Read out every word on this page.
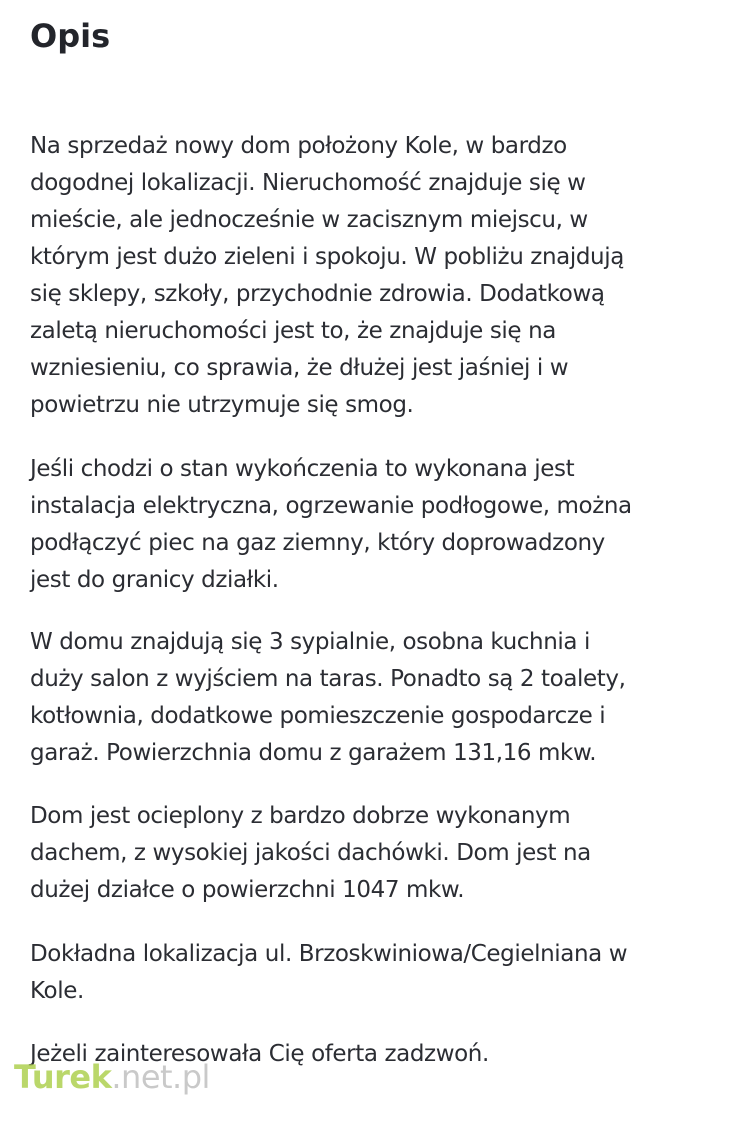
Opis

Na sprzedaż nowy dom położony Kole, w bardzo
dogodnej lokalizacji. Nieruchomość znajduje się w
mieście, ale jednocześnie w zacisznym miejscu, w
którym jest dużo zieleni i spokoju. W pobliżu znajdują
się sklepy, szkoły, przychodnie zdrowia. Dodatkową
zaletą nieruchomości jest to, że znajduje się na
wzniesieniu, co sprawia, że dłużej jest jaśniej i w
powietrzu nie utrzymuje się smog.

Jeśli chodzi o stan wykończenia to wykonana jest
instalacja elektryczna, ogrzewanie podłogowe, można
podłączyć piec na gaz ziemny, który doprowadzony
jest do granicy działki.

W domu znajdują się 3 sypialnie, osobna kuchnia i
duży salon z wyjściem na taras. Ponadto są 2 toalety,
kotłownia, dodatkowe pomieszczenie gospodarcze i
garaż. Powierzchnia domu z garażem 131,16 mkw.

Dom jest ocieplony z bardzo dobrze wykonanym
dachem, z wysokiej jakości dachówki. Dom jest na
dużej działce o powierzchni 1047 mkw.

Dokładna lokalizacja ul. Brzoskwiniowa/Cegielniana w
Kole.

Jeżeli zainteresowała Cię oferta zadzwoń.

Turek.net.pl
